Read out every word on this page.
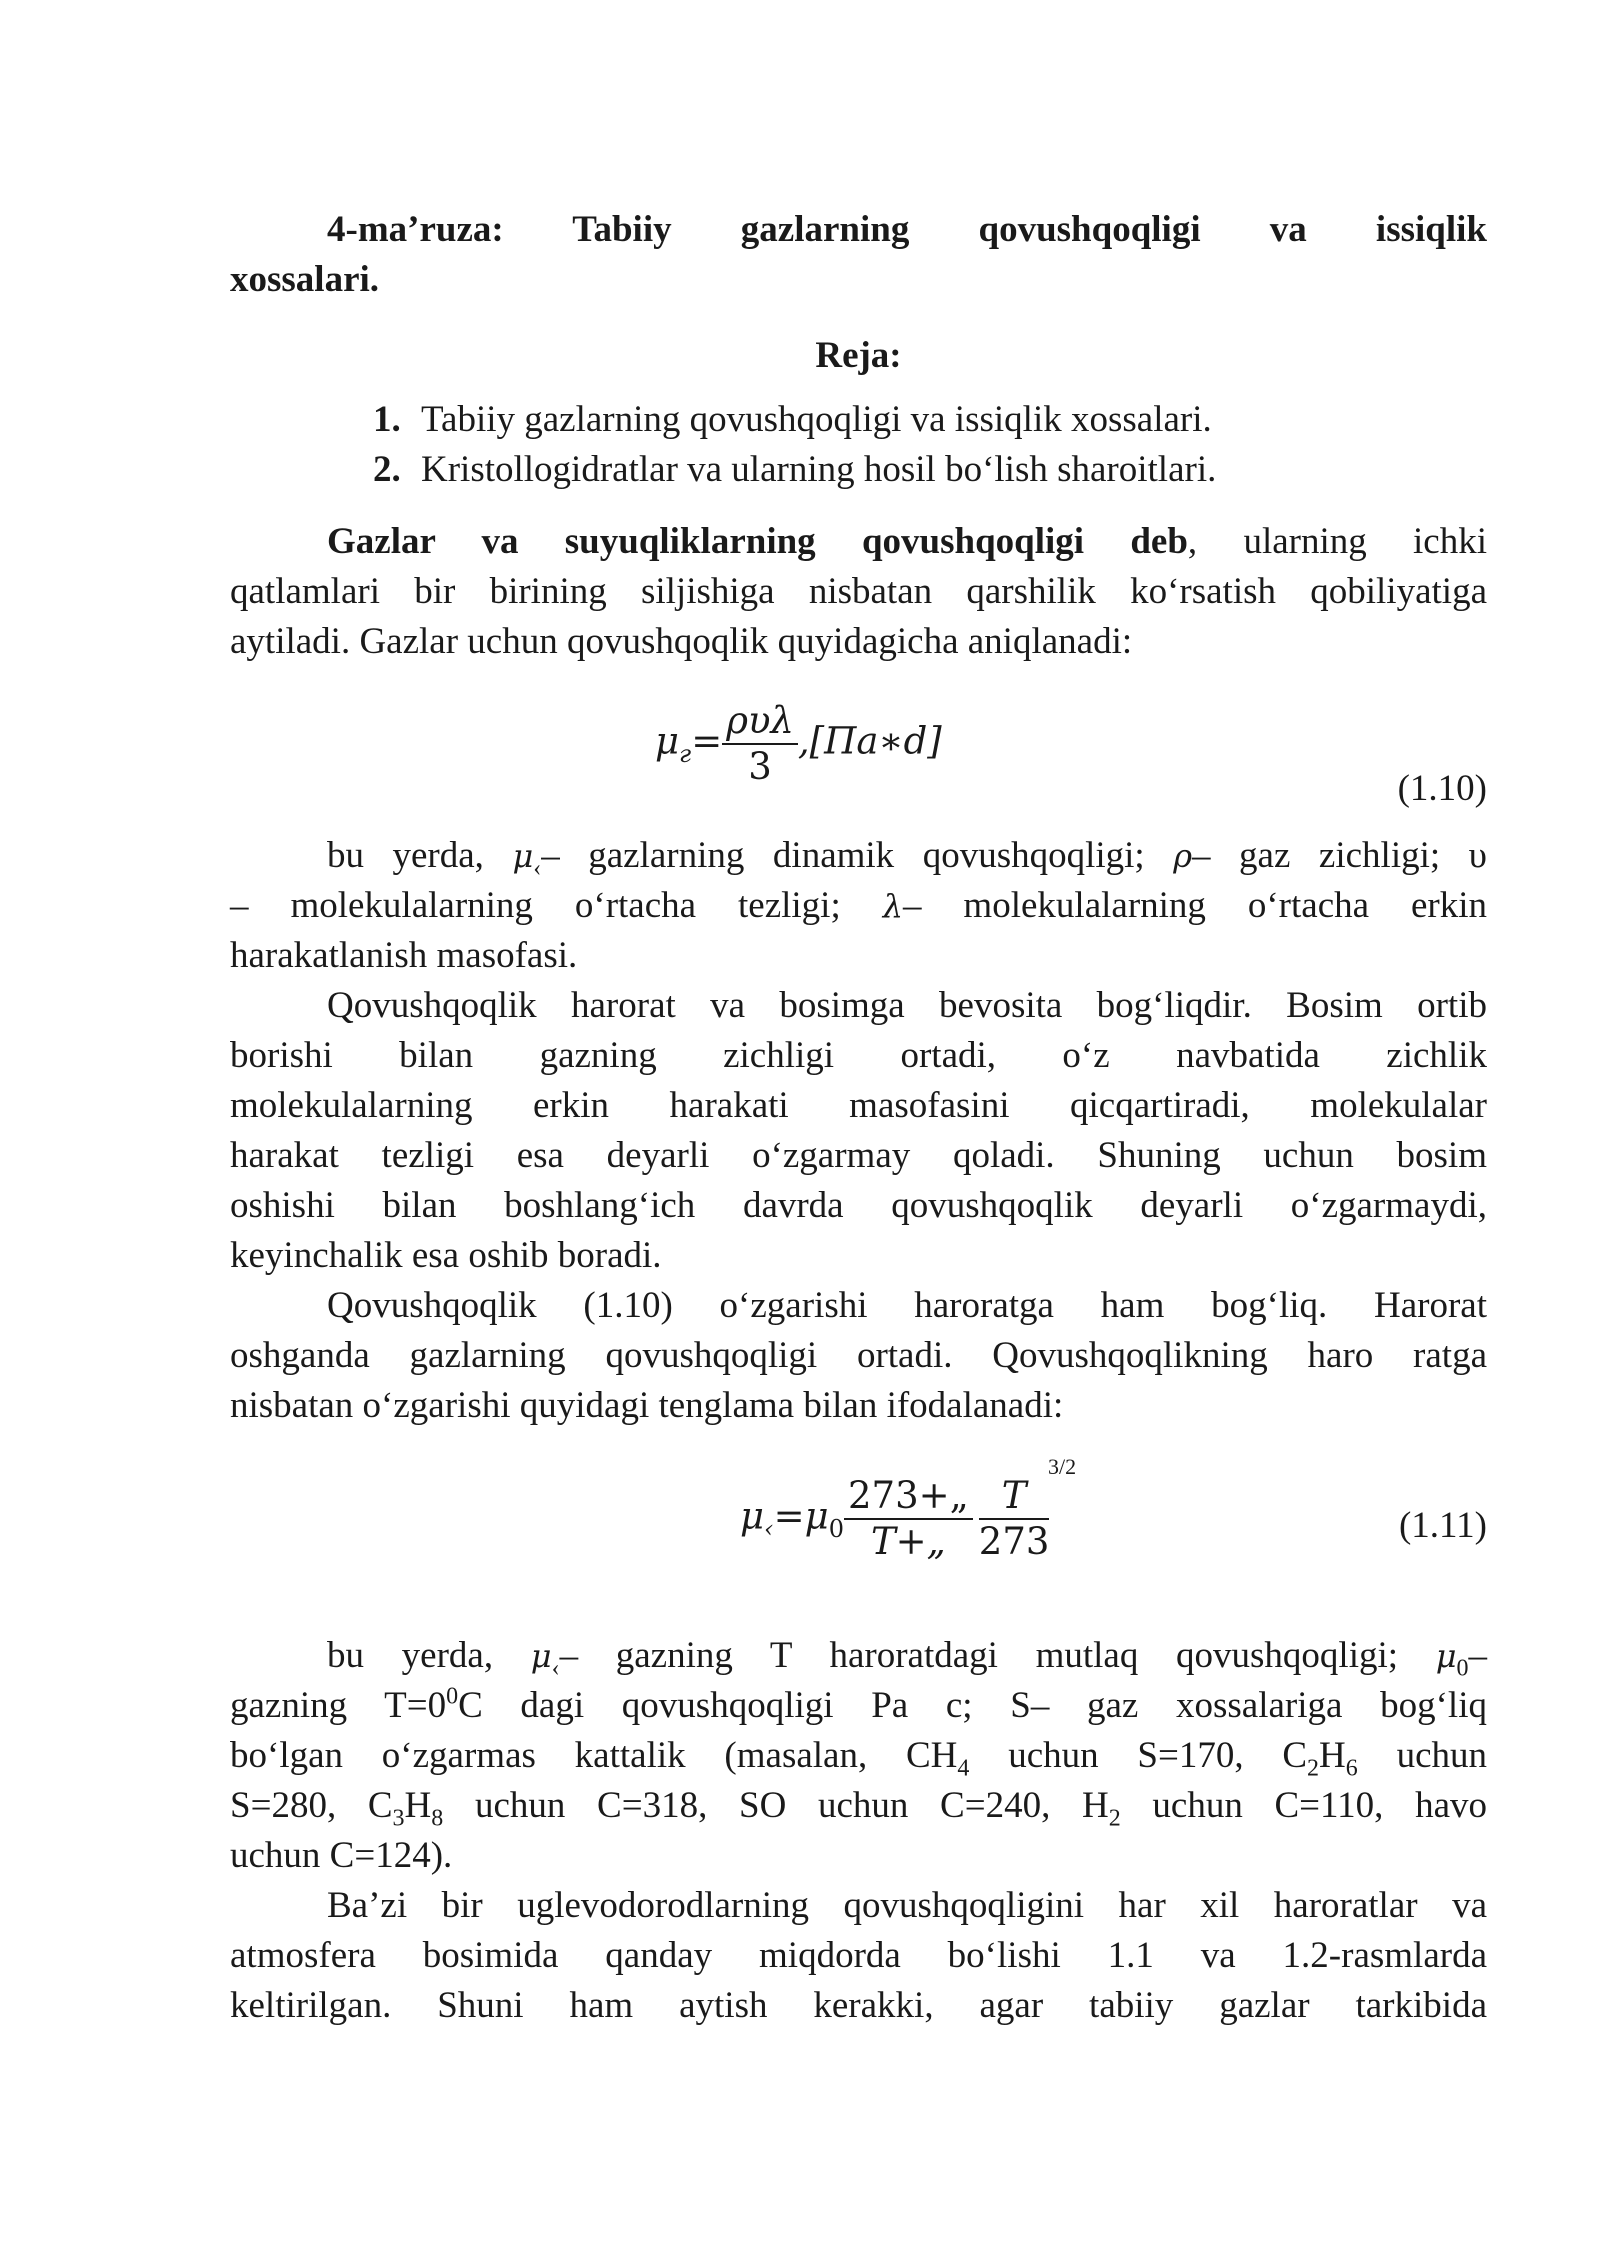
4-ma’ruza: Tabiiy gazlarning qovushqoqligi va issiqlik
xossalari.
Reja:
1. Tabiiy gazlarning qovushqoqligi va issiqlik xossalari.
2. Kristollogidratlar va ularning hosil bo‘lish sharoitlari.
Gazlar va suyuqliklarning qovushqoqligi deb, ularning ichki
qatlamlari bir birining siljishiga nisbatan qarshilik ko‘rsatish qobiliyatiga
aytiladi. Gazlar uchun qovushqoqlik quyidagicha aniqlanadi:
$\mu_г= \frac{\text{ρυλ}}{3}$ ,[Па∗d]
(1.10)
bu yerda, $\mu_‹-$ gazlarning dinamik qovushqoqligi; ρ– gaz zichligi; υ
– molekulalarning o‘rtacha tezligi; λ– molekulalarning o‘rtacha erkin
harakatlanish masofasi.
Qovushqoqlik harorat va bosimga bevosita bog‘liqdir. Bosim ortib
borishi bilan gazning zichligi ortadi, o‘z navbatida zichlik
molekulalarning erkin harakati masofasini qicqartiradi, molekulalar
harakat tezligi esa deyarli o‘zgarmay qoladi. Shuning uchun bosim
oshishi bilan boshlang‘ich davrda qovushqoqlik deyarli o‘zgarmaydi,
keyinchalik esa oshib boradi.
Qovushqoqlik (1.10) o‘zgarishi haroratga ham bog‘liq. Harorat
oshganda gazlarning qovushqoqligi ortadi. Qovushqoqlikning haro ratga
nisbatan o‘zgarishi quyidagi tenglama bilan ifodalanadi:
$\mu_‹=\mu_0 \frac{273+„}{T+„} \frac{T}{273}$
3/2
(1.11)
bu yerda, $\mu_‹-$ gazning T haroratdagi mutlaq qovushqoqligi; $\mu_0-$
gazning $T=0^0C$ dagi qovushqoqligi Pa c; S– gaz xossalariga bog‘liq
bo‘lgan o‘zgarmas kattalik (masalan, $CH_4$ uchun S=170, $C_2H_6$ uchun
S=280, $C_3H_8$ uchun C=318, SO uchun C=240, $H_2$ uchun C=110, havo
uchun C=124).
Ba’zi bir uglevodorodlarning qovushqoqligini har xil haroratlar va
atmosfera bosimida qanday miqdorda bo‘lishi 1.1 va 1.2-rasmlarda
keltirilgan. Shuni ham aytish kerakki, agar tabiiy gazlar tarkibida
